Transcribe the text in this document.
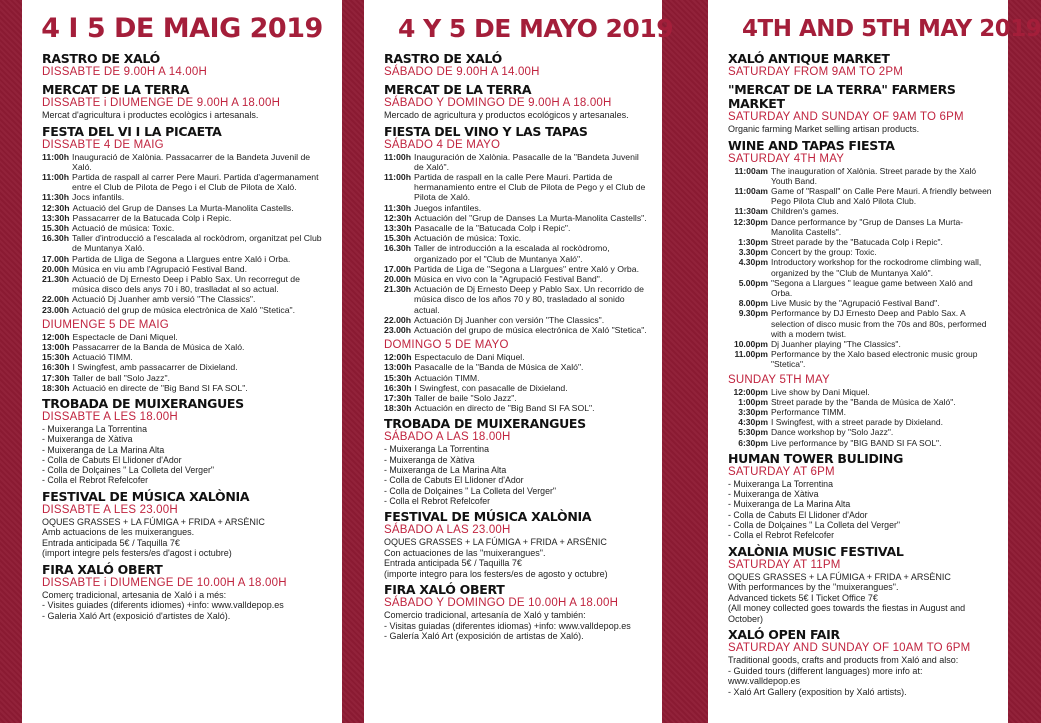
4 I 5 DE MAIG 2019
RASTRO DE XALÓ
DISSABTE DE 9.00H A 14.00H
MERCAT DE LA TERRA
DISSABTE i DIUMENGE DE 9.00H A 18.00H
Mercat d'agricultura i productes ecològics i artesanals.
FESTA DEL VI I LA PICAETA
DISSABTE 4 DE MAIG
11:00h Inauguració de Xalònia. Passacarrer de la Bandeta Juvenil de Xaló.
11:00h Partida de raspall al carrer Pere Mauri. Partida d'agermanament entre el Club de Pilota de Pego i el Club de Pilota de Xaló.
11:30h Jocs infantils.
12:30h Actuació del Grup de Danses La Murta-Manolita Castells.
13:30h Passacarrer de la Batucada Colp i Repic.
15.30h Actuació de música: Toxic.
16.30h Taller d'introducció a l'escalada al rockòdrom, organitzat pel Club de Muntanya Xaló.
17.00h Partida de Lliga de Segona a Llargues entre Xaló i Orba.
20.00h Música en viu amb l'Agrupació Festival Band.
21.30h Actuació de Dj Ernesto Deep i Pablo Sax. Un recorregut de música disco dels anys 70 i 80, traslladat al so actual.
22.00h Actuació Dj Juanher amb versió "The Classics".
23.00h Actuació del grup de música electrònica de Xaló "Stetica".
DIUMENGE 5 DE MAIG
12:00h Espectacle de Dani Miquel.
13:00h Passacarrer de la Banda de Música de Xaló.
15:30h Actuació TIMM.
16:30h I Swingfest, amb passacarrer de Dixieland.
17:30h Taller de ball "Solo Jazz".
18:30h Actuació en directe de "Big Band SI FA SOL".
TROBADA DE MUIXERANGUES
DISSABTE A LES 18.00H
- Muixeranga La Torrentina
- Muixeranga de Xàtiva
- Muixeranga de La Marina Alta
- Colla de Cabuts El Llidoner d'Ador
- Colla de Dolçaines " La Colleta del Verger"
- Colla el Rebrot Refelcofer
FESTIVAL DE MÚSICA XALÒNIA
DISSABTE A LES 23.00H
OQUES GRASSES + LA FÚMIGA + FRIDA + ARSÈNIC
Amb actuacions de les muixerangues.
Entrada anticipada 5€ / Taquilla 7€
(import integre pels festers/es d'agost i octubre)
FIRA XALÓ OBERT
DISSABTE i DIUMENGE DE 10.00H A 18.00H
Comerç tradicional, artesania de Xaló i a més:
- Visites guiades (diferents idiomes) +info: www.valldepop.es
- Galeria Xaló Art (exposició d'artistes de Xaló).
4 Y 5 DE MAYO 2019
RASTRO DE XALÓ
SÁBADO DE 9.00H A 14.00H
MERCAT DE LA TERRA
SÁBADO Y DOMINGO DE 9.00H A 18.00H
Mercado de agricultura y productos ecológicos y artesanales.
FIESTA DEL VINO Y LAS TAPAS
SÁBADO 4 DE MAYO
11:00h Inauguración de Xalònia. Pasacalle de la "Bandeta Juvenil de Xaló".
11:00h Partida de raspall en la calle Pere Mauri. Partida de hermanamiento entre el Club de Pilota de Pego y el Club de Pilota de Xaló.
11:30h Juegos infantiles.
12:30h Actuación del "Grup de Danses La Murta-Manolita Castells".
13:30h Pasacalle de la "Batucada Colp i Repic".
15.30h Actuación de música: Toxic.
16.30h Taller de introducción a la escalada al rockòdromo, organizado por el "Club de Muntanya Xaló".
17.00h Partida de Liga de "Segona a Llargues" entre Xaló y Orba.
20.00h Música en vivo con la "Agrupació Festival Band".
21.30h Actuación de Dj Ernesto Deep y Pablo Sax. Un recorrido de música disco de los años 70 y 80, trasladado al sonido actual.
22.00h Actuación Dj Juanher con versión "The Classics".
23.00h Actuación del grupo de música electrónica de Xaló "Stetica".
DOMINGO 5 DE MAYO
12:00h Espectaculo de Dani Miquel.
13:00h Pasacalle de la "Banda de Música de Xaló".
15:30h Actuación TIMM.
16:30h I Swingfest, con pasacalle de Dixieland.
17:30h Taller de baile "Solo Jazz".
18:30h Actuación en directo de "Big Band SI FA SOL".
TROBADA DE MUIXERANGUES
SÁBADO A LAS 18.00H
- Muixeranga La Torrentina
- Muixeranga de Xàtiva
- Muixeranga de La Marina Alta
- Colla de Cabuts El Llidoner d'Ador
- Colla de Dolçaines " La Colleta del Verger"
- Colla el Rebrot Refelcofer
FESTIVAL DE MÚSICA XALÒNIA
SÁBADO A LAS 23.00H
OQUES GRASSES + LA FÚMIGA + FRIDA + ARSÈNIC
Con actuaciones de las "muixerangues".
Entrada anticipada 5€ / Taquilla 7€
(importe integro para los festers/es de agosto y octubre)
FIRA XALÓ OBERT
SÁBADO Y DOMINGO DE 10.00H A 18.00H
Comercio tradicional, artesanía de Xaló y también:
- Visitas guiadas (diferentes idiomas) +info: www.valldepop.es
- Galería Xaló Art (exposición de artistas de Xaló).
4TH AND 5TH MAY 2019
XALÓ ANTIQUE MARKET
SATURDAY FROM 9AM TO 2PM
"MERCAT DE LA TERRA" FARMERS MARKET
SATURDAY AND SUNDAY OF 9AM TO 6PM
Organic farming Market selling artisan products.
WINE AND TAPAS FIESTA
SATURDAY 4TH MAY
11:00am The inauguration of Xalònia. Street parade by the Xaló Youth Band.
11:00am Game of "Raspall" on Calle Pere Mauri. A friendly between Pego Pilota Club and Xaló Pilota Club.
11:30am Children's games.
12:30pm Dance performance by "Grup de Danses La Murta-Manolita Castells".
1:30pm Street parade by the "Batucada Colp i Repic".
3.30pm Concert by the group: Toxic.
4.30pm Introductory workshop for the rockodrome climbing wall, organized by the "Club de Muntanya Xaló".
5.00pm "Segona a Llargues " league game between Xaló and Orba.
8.00pm Live Music by the "Agrupació Festival Band".
9.30pm Performance by DJ Ernesto Deep and Pablo Sax. A selection of disco music from the 70s and 80s, performed with a modern twist.
10.00pm Dj Juanher playing "The Classics".
11.00pm Performance by the Xalo based electronic music group "Stetica".
SUNDAY 5TH MAY
12:00pm Live show by Dani Miquel.
1:00pm Street parade by the "Banda de Música de Xaló".
3:30pm Performance TIMM.
4:30pm I Swingfest, with a street parade by Dixieland.
5:30pm Dance workshop by "Solo Jazz".
6:30pm Live performance by "BIG BAND SI FA SOL".
HUMAN TOWER BULIDING
SATURDAY AT 6PM
- Muixeranga La Torrentina
- Muixeranga de Xàtiva
- Muixeranga de La Marina Alta
- Colla de Cabuts El Llidoner d'Ador
- Colla de Dolçaines " La Colleta del Verger"
- Colla el Rebrot Refelcofer
XALÒNIA MUSIC FESTIVAL
SATURDAY AT 11PM
OQUES GRASSES + LA FÚMIGA + FRIDA + ARSÈNIC
With performances by the "muixerangues".
Advanced tickets 5€ I Ticket Office 7€
(All money collected goes towards the fiestas in August and October)
XALÓ OPEN FAIR
SATURDAY AND SUNDAY OF 10AM TO 6PM
Traditional goods, crafts and products from Xaló and also:
- Guided tours (different languages) more info at: www.valldepop.es
- Xaló Art Gallery (exposition by Xaló artists).
